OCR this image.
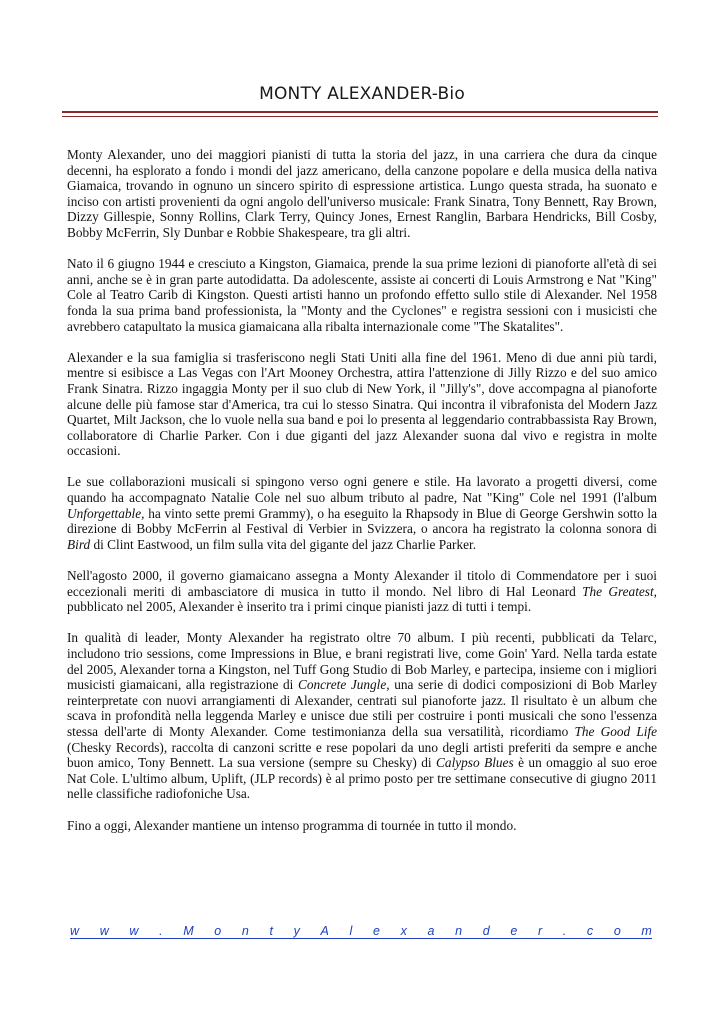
MONTY ALEXANDER-Bio

Monty Alexander, uno dei maggiori pianisti di tutta la storia del jazz, in una carriera che dura da cinque decenni, ha esplorato a fondo i mondi del jazz americano, della canzone popolare e della musica della nativa Giamaica, trovando in ognuno un sincero spirito di espressione artistica. Lungo questa strada, ha suonato e inciso con artisti provenienti da ogni angolo dell'universo musicale: Frank Sinatra, Tony Bennett, Ray Brown, Dizzy Gillespie, Sonny Rollins, Clark Terry, Quincy Jones, Ernest Ranglin, Barbara Hendricks, Bill Cosby, Bobby McFerrin, Sly Dunbar e Robbie Shakespeare, tra gli altri.

Nato il 6 giugno 1944 e cresciuto a Kingston, Giamaica, prende la sua prime lezioni di pianoforte all'età di sei anni, anche se è in gran parte autodidatta. Da adolescente, assiste ai concerti di Louis Armstrong e Nat "King" Cole al Teatro Carib di Kingston. Questi artisti hanno un profondo effetto sullo stile di Alexander. Nel 1958 fonda la sua prima band professionista, la "Monty and the Cyclones" e registra sessioni con i musicisti che avrebbero catapultato la musica giamaicana alla ribalta internazionale come "The Skatalites".

Alexander e la sua famiglia si trasferiscono negli Stati Uniti alla fine del 1961. Meno di due anni più tardi, mentre si esibisce a Las Vegas con l'Art Mooney Orchestra, attira l'attenzione di Jilly Rizzo e del suo amico Frank Sinatra. Rizzo ingaggia Monty per il suo club di New York, il "Jilly's", dove accompagna al pianoforte alcune delle più famose star d'America, tra cui lo stesso Sinatra. Qui incontra il vibrafonista del Modern Jazz Quartet, Milt Jackson, che lo vuole nella sua band e poi lo presenta al leggendario contrabbassista Ray Brown, collaboratore di Charlie Parker. Con i due giganti del jazz Alexander suona dal vivo e registra in molte occasioni.

Le sue collaborazioni musicali si spingono verso ogni genere e stile. Ha lavorato a progetti diversi, come quando ha accompagnato Natalie Cole nel suo album tributo al padre, Nat "King" Cole nel 1991 (l'album Unforgettable, ha vinto sette premi Grammy), o ha eseguito la Rhapsody in Blue di George Gershwin sotto la direzione di Bobby McFerrin al Festival di Verbier in Svizzera, o ancora ha registrato la colonna sonora di Bird di Clint Eastwood, un film sulla vita del gigante del jazz Charlie Parker.

Nell'agosto 2000, il governo giamaicano assegna a Monty Alexander il titolo di Commendatore per i suoi eccezionali meriti di ambasciatore di musica in tutto il mondo. Nel libro di Hal Leonard The Greatest, pubblicato nel 2005, Alexander è inserito tra i primi cinque pianisti jazz di tutti i tempi.

In qualità di leader, Monty Alexander ha registrato oltre 70 album. I più recenti, pubblicati da Telarc, includono trio sessions, come Impressions in Blue, e brani registrati live, come Goin' Yard. Nella tarda estate del 2005, Alexander torna a Kingston, nel Tuff Gong Studio di Bob Marley, e partecipa, insieme con i migliori musicisti giamaicani, alla registrazione di Concrete Jungle, una serie di dodici composizioni di Bob Marley reinterpretate con nuovi arrangiamenti di Alexander, centrati sul pianoforte jazz. Il risultato è un album che scava in profondità nella leggenda Marley e unisce due stili per costruire i ponti musicali che sono l'essenza stessa dell'arte di Monty Alexander. Come testimonianza della sua versatilità, ricordiamo The Good Life (Chesky Records), raccolta di canzoni scritte e rese popolari da uno degli artisti preferiti da sempre e anche buon amico, Tony Bennett. La sua versione (sempre su Chesky) di Calypso Blues è un omaggio al suo eroe Nat Cole. L'ultimo album, Uplift, (JLP records) è al primo posto per tre settimane consecutive di giugno 2011 nelle classifiche radiofoniche Usa.

Fino a oggi, Alexander mantiene un intenso programma di tournée in tutto il mondo.

w w w . M o n t y A l e x a n d e r . c o m
